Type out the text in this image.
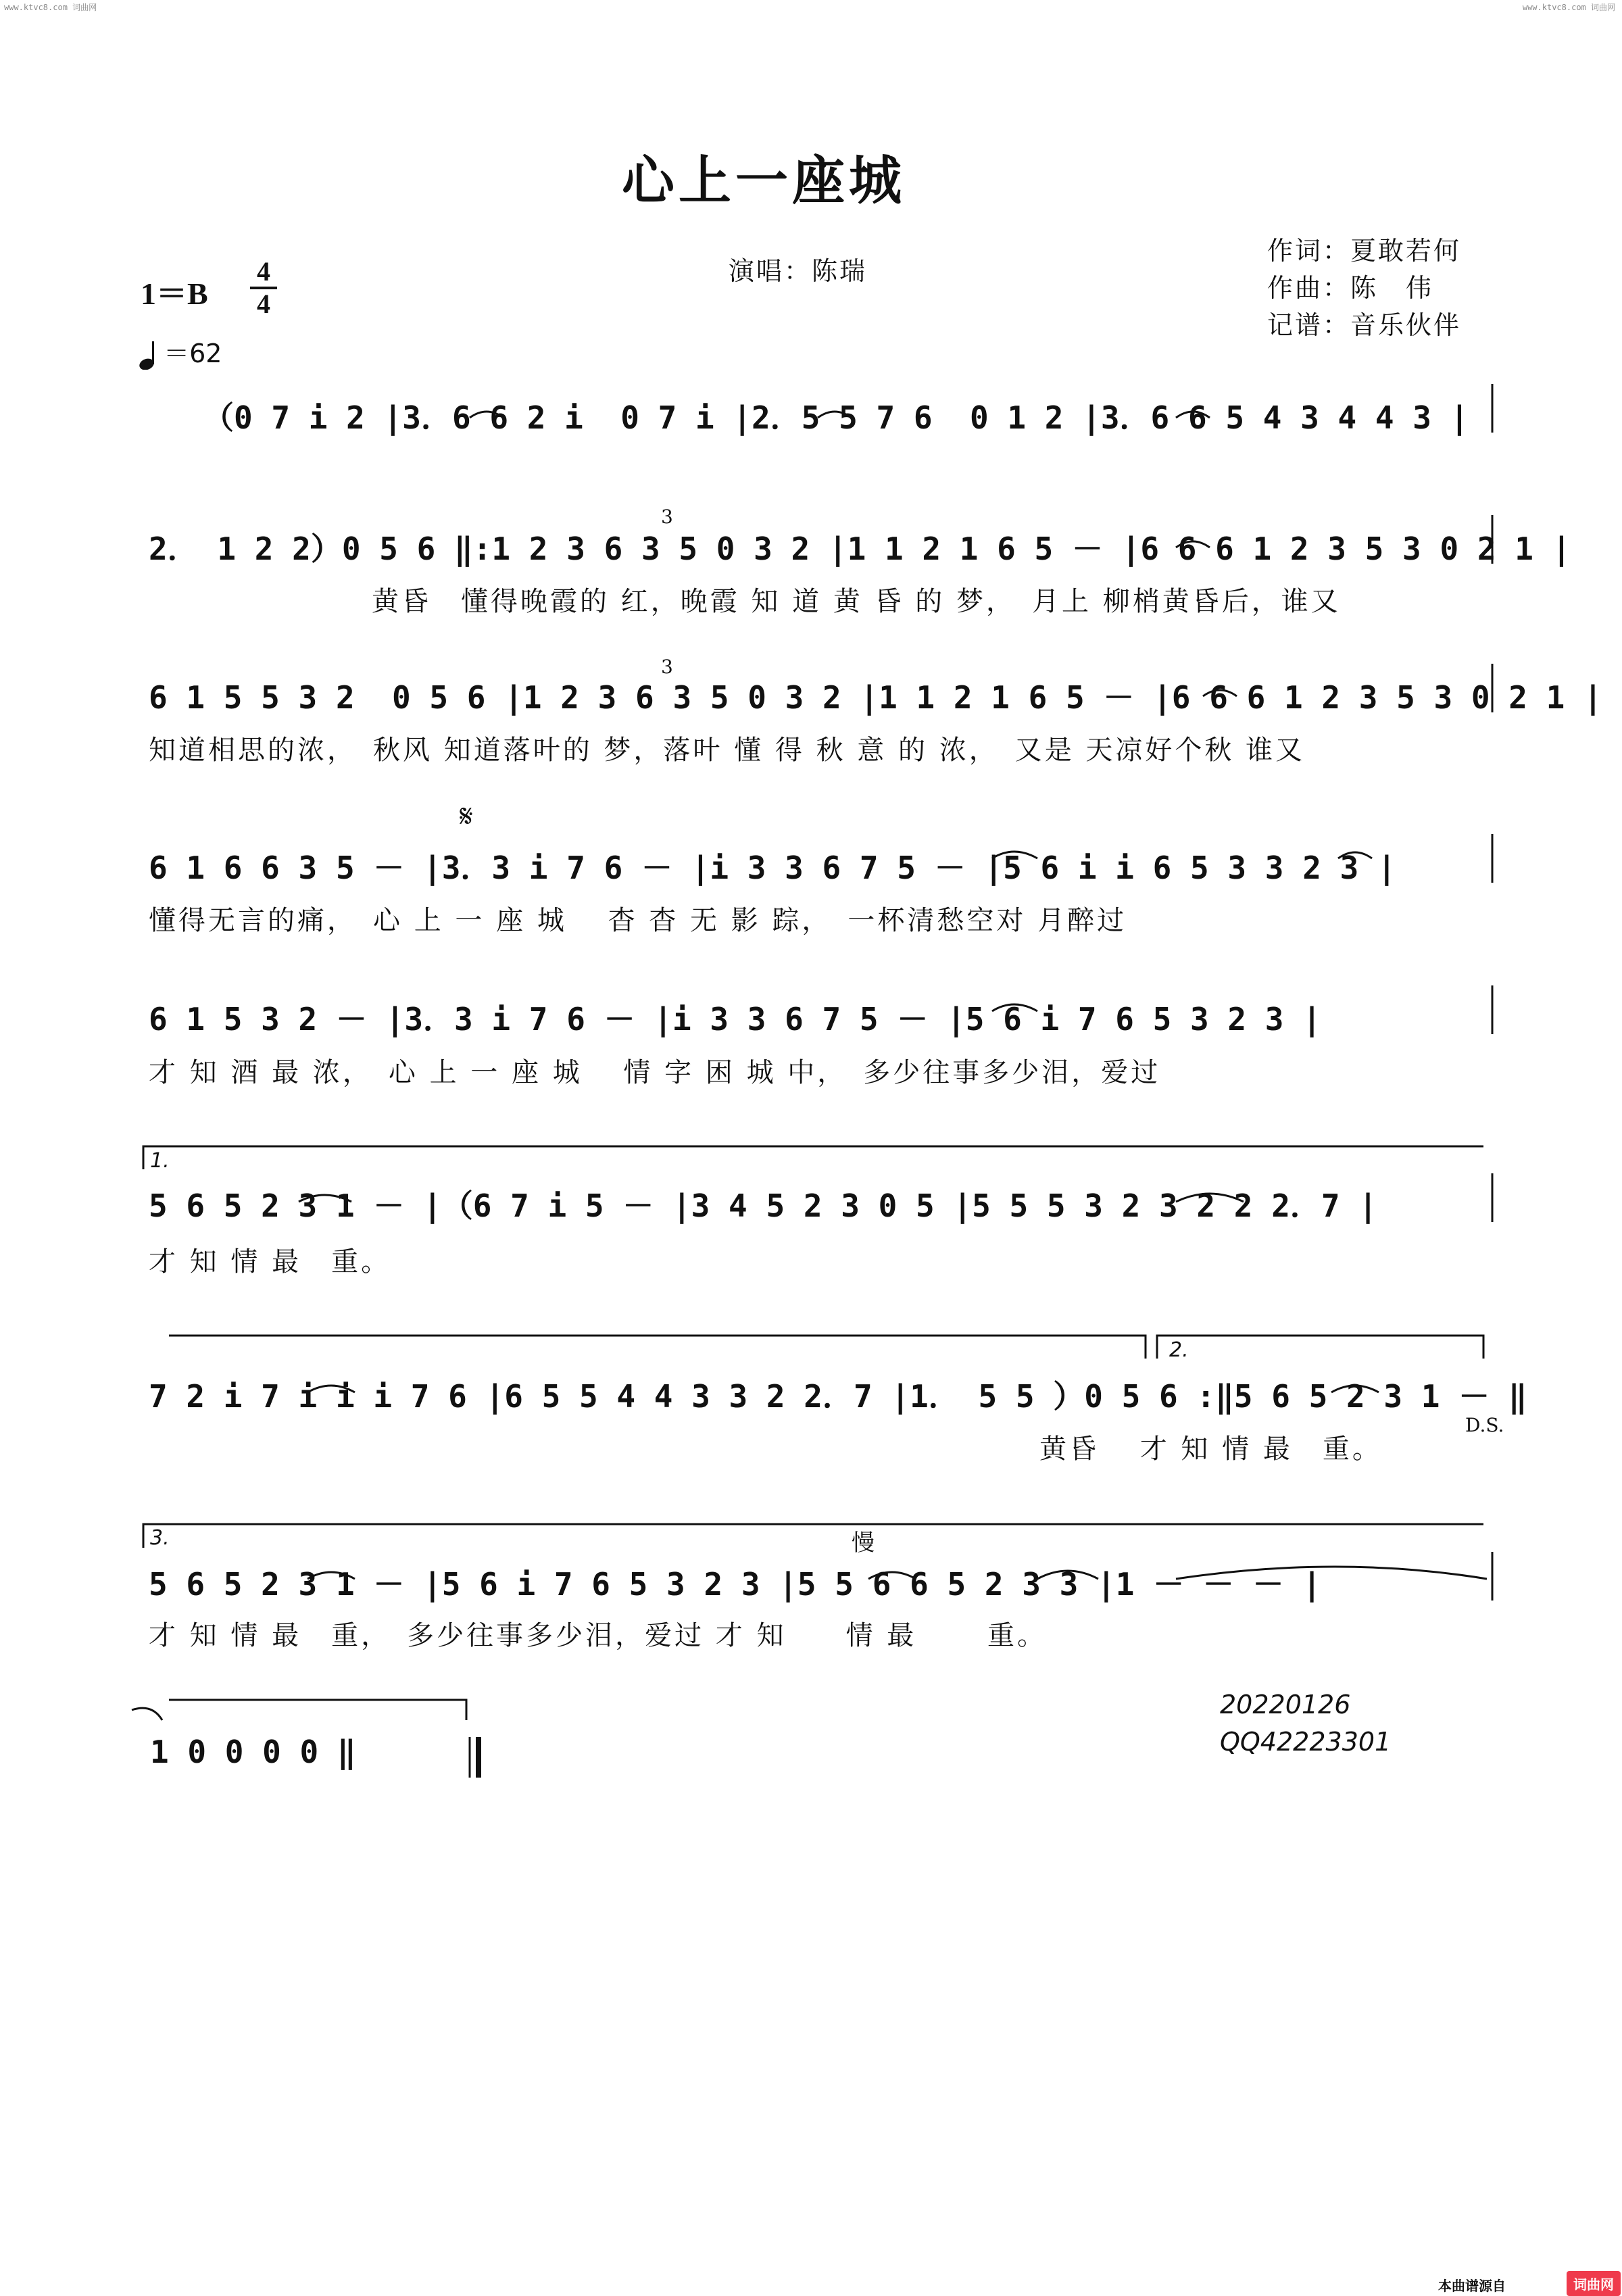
www.ktvc8.com 词曲网	www.ktvc8.com 词曲网
心上一座城
演唱：陈瑞
作词：夏敢若何
作曲：陈　伟
记谱：音乐伙伴
1＝B
4
4
＝62
（0 7 i 2 |3．6 6 2 i  0 7 i |2．5 5 7 6  0 1 2 |3．6 6 5 4 3 4 4 3 |
2． 1 2 2）0 5 6 ‖:1 2 3 6 3 5 0 3 2 |1 1 2 1 6 5 － |6 6 6 1 2 3 5 3 0 2 1 |
黄昏　懂得晚霞的 红，晚霞 知 道 黄 昏 的 梦，　月上 柳梢黄昏后，谁又
3
6 1 5 5 3 2  0 5 6 |1 2 3 6 3 5 0 3 2 |1 1 2 1 6 5 － |6 6 6 1 2 3 5 3 0 2 1 |
知道相思的浓，　秋风 知道落叶的 梦，落叶 懂 得 秋 意 的 浓，　又是 天凉好个秋 谁又
3
𝄋
6 1 6 6 3 5 － |3．3 i 7 6 － |i 3 3 6 7 5 － |5 6 i i 6 5 3 3 2 3 |
懂得无言的痛，　心 上 一 座 城　 杳 杳 无 影 踪，　一杯清愁空对 月醉过
6 1 5 3 2 － |3．3 i 7 6 － |i 3 3 6 7 5 － |5 6 i 7 6 5 3 2 3 |
才 知 酒 最 浓，　心 上 一 座 城　 情 字 困 城 中，　多少往事多少泪，爱过
1.
5 6 5 2 3 1 － |（6 7 i 5 － |3 4 5 2 3 0 5 |5 5 5 3 2 3 2 2 2．7 |
才 知 情 最　重。
2.
7 2 i 7 i i i 7 6 |6 5 5 4 4 3 3 2 2．7 |1． 5 5 ）0 5 6 :‖5 6 5 2 3 1 － ‖
黄昏　 才 知 情 最　重。
D.S.
3.	慢
5 6 5 2 3 1 － |5 6 i 7 6 5 3 2 3 |5 5 6 6 5 2 3 3 |1 － － － |
才 知 情 最　重，　多少往事多少泪，爱过 才 知　　情 最　　 重。
1 0 0 0 0 ‖
20220126
QQ42223301
本曲谱源自	词曲网
